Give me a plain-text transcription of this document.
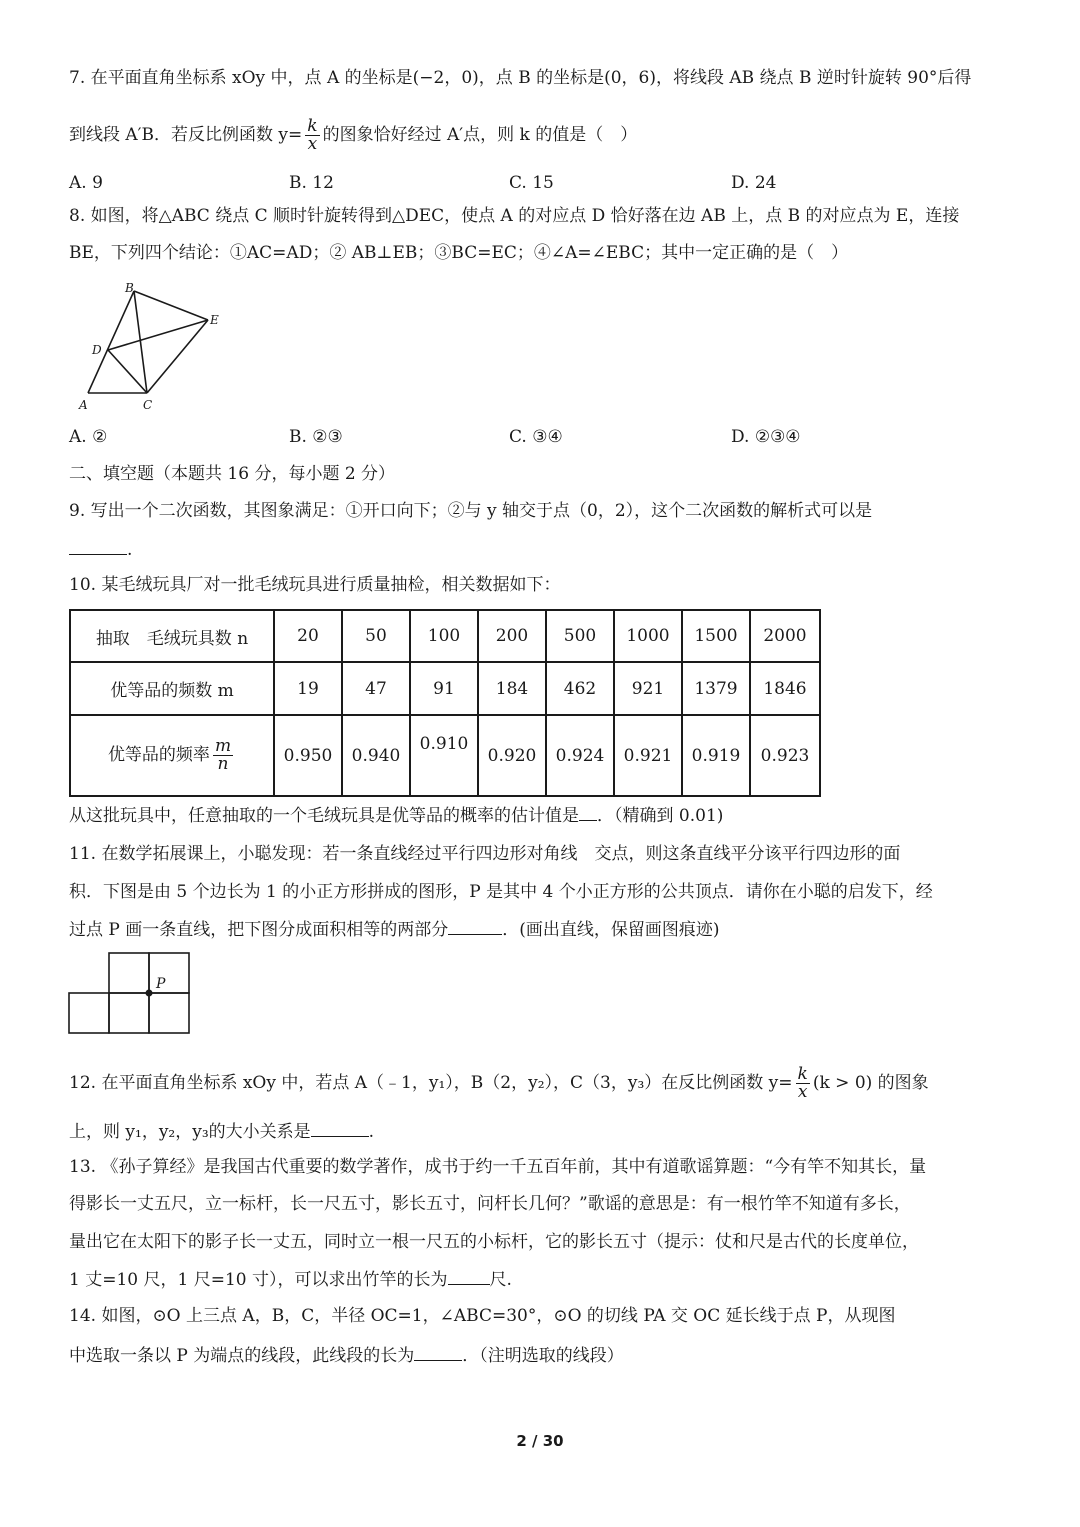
7. 在平面直角坐标系 xOy 中，点 A 的坐标是(−2，0)，点 B 的坐标是(0，6)，将线段 AB 绕点 B 逆时针旋转 90°后得
到线段 A′B．若反比例函数 $y= \frac{k}{x}$ 的图象恰好经过 A′点，则 k 的值是（　）
A. 9	B. 12	C. 15	D. 24
8. 如图，将△ABC 绕点 C 顺时针旋转得到△DEC，使点 A 的对应点 D 恰好落在边 AB 上，点 B 的对应点为 E，连接
BE，下列四个结论：①AC=AD；② AB⊥EB；③BC=EC；④∠A=∠EBC；其中一定正确的是（　）
B
E
D
A	C
A. ②	B. ②③	C. ③④	D. ②③④
二、填空题（本题共 16 分，每小题 2 分）
9. 写出一个二次函数，其图象满足：①开口向下；②与 y 轴交于点（0，2），这个二次函数的解析式可以是
.
10. 某毛绒玩具厂对一批毛绒玩具进行质量抽检，相关数据如下：
抽取　毛绒玩具数 n	20	50	100	200	500	1000	1500	2000
优等品的频数 m	19	47	91	184	462	921	1379	1846
优等品的频率 $\frac{m}{n}$	0.950	0.940	0.910	0.920	0.924	0.921	0.919	0.923
从这批玩具中，任意抽取的一个毛绒玩具是优等品的概率的估计值是 ．（精确到 0.01)
11. 在数学拓展课上，小聪发现：若一条直线经过平行四边形对角线　交点，则这条直线平分该平行四边形的面
积．下图是由 5 个边长为 1 的小正方形拼成的图形，P 是其中 4 个小正方形的公共顶点．请你在小聪的启发下，经
过点 P 画一条直线，把下图分成面积相等的两部分	．(画出直线，保留画图痕迹)
P
12. 在平面直角坐标系 xOy 中，若点 A（﹣1，y₁），B（2，y₂），C（3，y₃）在反比例函数 $y= \frac{k}{x} (k > 0)$ 的图象
上，则 y₁，y₂，y₃的大小关系是	.
13. 《孙子算经》是我国古代重要的数学著作，成书于约一千五百年前，其中有道歌谣算题：“今有竿不知其长，量
得影长一丈五尺，立一标杆，长一尺五寸，影长五寸，问杆长几何？”歌谣的意思是：有一根竹竿不知道有多长，
量出它在太阳下的影子长一丈五，同时立一根一尺五的小标杆，它的影长五寸（提示：仗和尺是古代的长度单位，
1 丈=10 尺，1 尺=10 寸），可以求出竹竿的长为 尺.
14. 如图，⊙O 上三点 A，B，C，半径 OC=1，∠ABC=30°，⊙O 的切线 PA 交 OC 延长线于点 P，从现图
中选取一条以 P 为端点的线段，此线段的长为	．（注明选取的线段）
2 / 30
